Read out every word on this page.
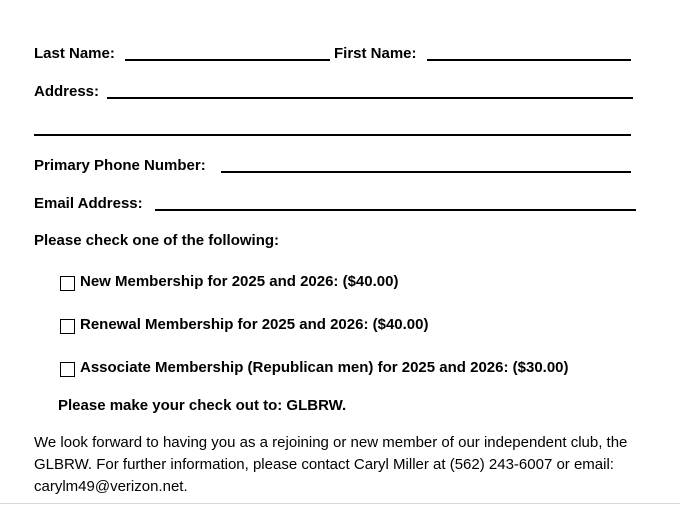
Last Name:	First Name:
Address:
Primary Phone Number:
Email Address:
Please check one of the following:
New Membership for 2025 and 2026: ($40.00)
Renewal Membership for 2025 and 2026: ($40.00)
Associate Membership (Republican men) for 2025 and 2026: ($30.00)
Please make your check out to: GLBRW.
We look forward to having you as a rejoining or new member of our independent club, the GLBRW. For further information, please contact Caryl Miller at (562) 243-6007 or email: carylm49@verizon.net.
